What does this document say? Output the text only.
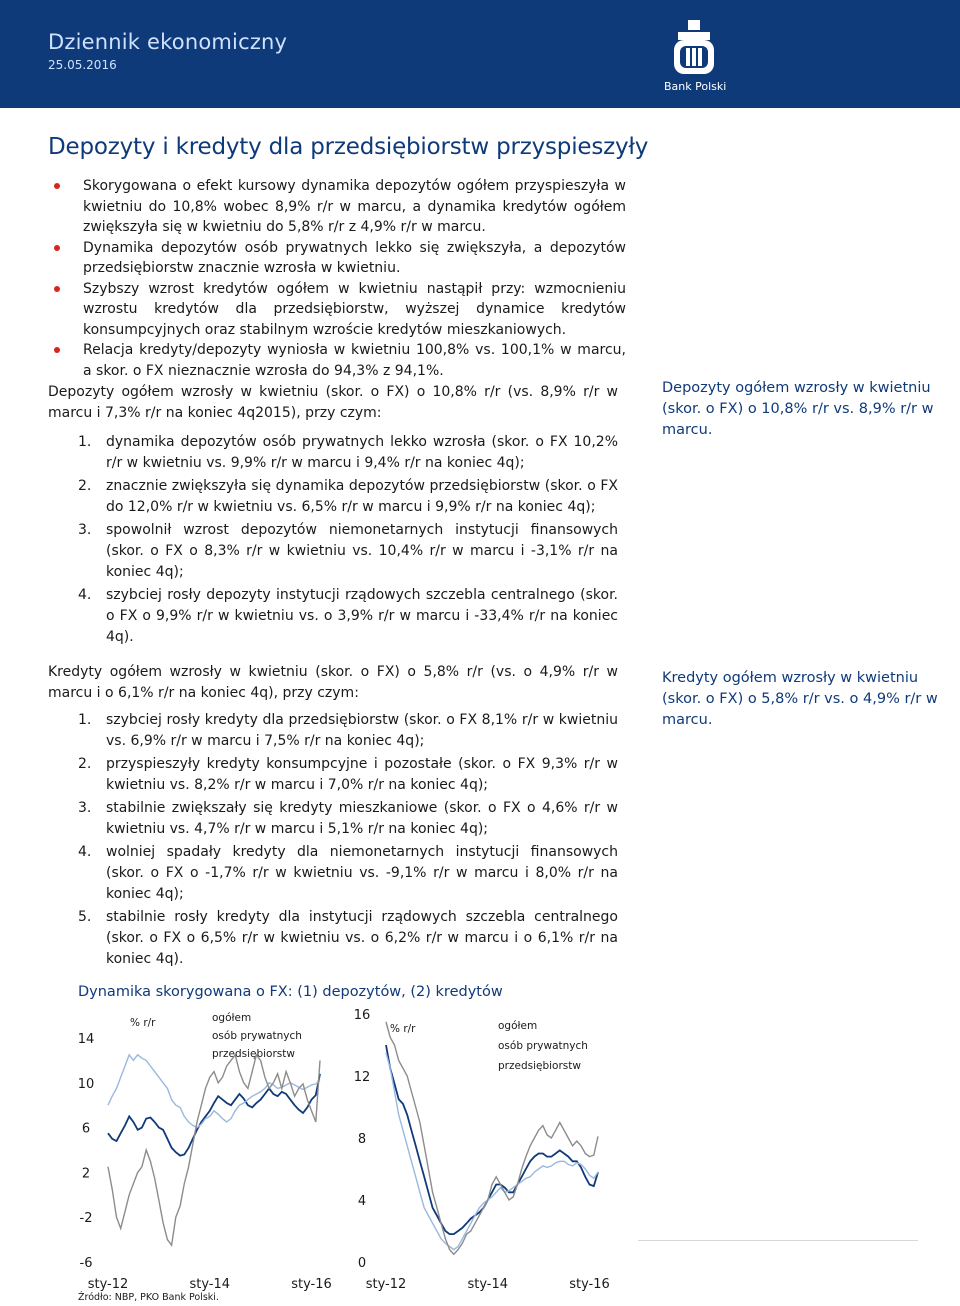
Dziennik ekonomiczny
25.05.2016
Bank Polski
Depozyty i kredyty dla przedsiębiorstw przyspieszyły
Skorygowana o efekt kursowy dynamika depozytów ogółem przyspieszyła w kwietniu do 10,8% wobec 8,9% r/r w marcu, a dynamika kredytów ogółem zwiększyła się w kwietniu do 5,8% r/r z 4,9% r/r w marcu.
Dynamika depozytów osób prywatnych lekko się zwiększyła, a depozytów przedsiębiorstw znacznie wzrosła w kwietniu.
Szybszy wzrost kredytów ogółem w kwietniu nastąpił przy: wzmocnieniu wzrostu kredytów dla przedsiębiorstw, wyższej dynamice kredytów konsumpcyjnych oraz stabilnym wzroście kredytów mieszkaniowych.
Relacja kredyty/depozyty wyniosła w kwietniu 100,8% vs. 100,1% w marcu, a skor. o FX nieznacznie wzrosła do 94,3% z 94,1%.
Depozyty ogółem wzrosły w kwietniu (skor. o FX) o 10,8% r/r (vs. 8,9% r/r w marcu i 7,3% r/r na koniec 4q2015), przy czym:
1. dynamika depozytów osób prywatnych lekko wzrosła (skor. o FX 10,2% r/r w kwietniu vs. 9,9% r/r w marcu i 9,4% r/r na koniec 4q);
2. znacznie zwiększyła się dynamika depozytów przedsiębiorstw (skor. o FX do 12,0% r/r w kwietniu vs. 6,5% r/r w marcu i 9,9% r/r na koniec 4q);
3. spowolnił wzrost depozytów niemonetarnych instytucji finansowych (skor. o FX o 8,3% r/r w kwietniu vs. 10,4% r/r w marcu i -3,1% r/r na koniec 4q);
4. szybciej rosły depozyty instytucji rządowych szczebla centralnego (skor. o FX o 9,9% r/r w kwietniu vs. o 3,9% r/r w marcu i -33,4% r/r na koniec 4q).
Kredyty ogółem wzrosły w kwietniu (skor. o FX) o 5,8% r/r (vs. o 4,9% r/r w marcu i o 6,1% r/r na koniec 4q), przy czym:
1. szybciej rosły kredyty dla przedsiębiorstw (skor. o FX 8,1% r/r w kwietniu vs. 6,9% r/r w marcu i 7,5% r/r na koniec 4q);
2. przyspieszyły kredyty konsumpcyjne i pozostałe (skor. o FX 9,3% r/r w kwietniu vs. 8,2% r/r w marcu i 7,0% r/r na koniec 4q);
3. stabilnie zwiększały się kredyty mieszkaniowe (skor. o FX o 4,6% r/r w kwietniu vs. 4,7% r/r w marcu i 5,1% r/r na koniec 4q);
4. wolniej spadały kredyty dla niemonetarnych instytucji finansowych (skor. o FX o -1,7% r/r w kwietniu vs. -9,1% r/r w marcu i 8,0% r/r na koniec 4q);
5. stabilnie rosły kredyty dla instytucji rządowych szczebla centralnego (skor. o FX o 6,5% r/r w kwietniu vs. o 6,2% r/r w marcu i o 6,1% r/r na koniec 4q).
Depozyty ogółem wzrosły w kwietniu (skor. o FX) o 10,8% r/r vs. 8,9% r/r w marcu.
Kredyty ogółem wzrosły w kwietniu (skor. o FX) o 5,8% r/r vs. o 4,9% r/r w marcu.
Dynamika skorygowana o FX: (1) depozytów, (2) kredytów
14
10
6
2
-2
-6
% r/r	ogółem
osób prywatnych
przedsiębiorstw
sty-12	sty-14	sty-16
16
12
8
4
0
% r/r	ogółem
osób prywatnych
przedsiębiorstw
sty-12	sty-14	sty-16
Źródło: NBP, PKO Bank Polski.
